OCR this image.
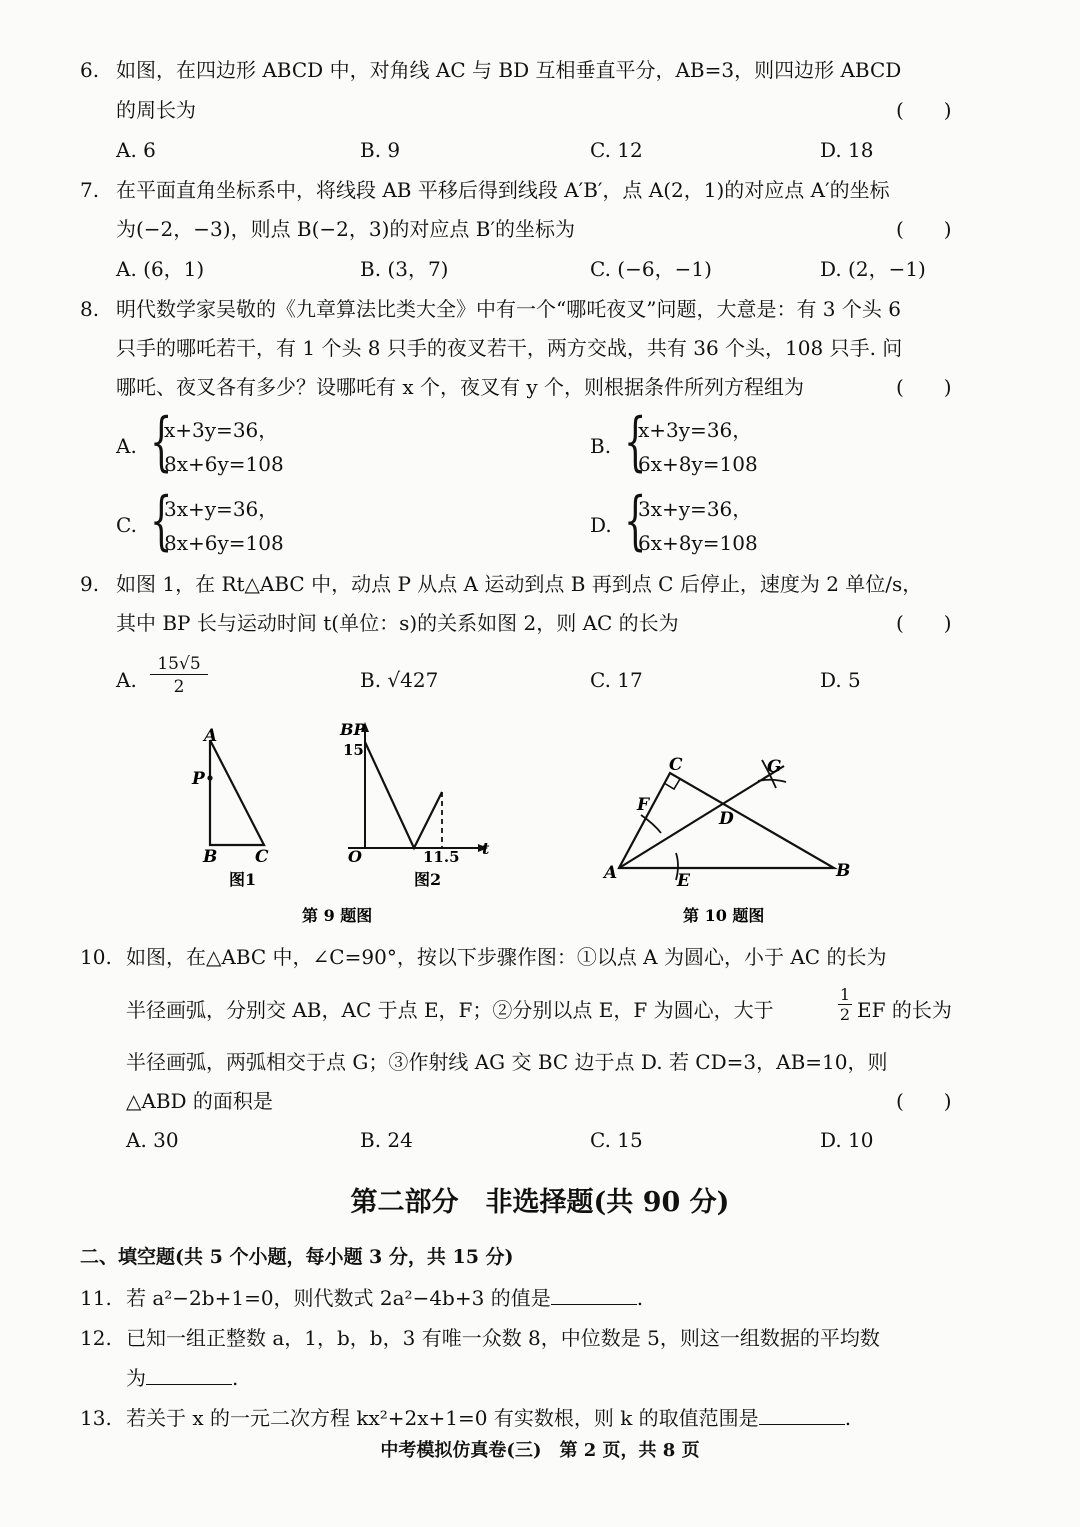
6. 如图，在四边形 ABCD 中，对角线 AC 与 BD 互相垂直平分，AB=3，则四边形 ABCD
的周长为	(　　)
A. 6	B. 9	C. 12	D. 18
7. 在平面直角坐标系中，将线段 AB 平移后得到线段 A′B′，点 A(2，1)的对应点 A′的坐标
为(−2，−3)，则点 B(−2，3)的对应点 B′的坐标为	(　　)
A. (6，1)	B. (3，7)	C. (−6，−1)	D. (2，−1)
8. 明代数学家吴敬的《九章算法比类大全》中有一个“哪吒夜叉”问题，大意是：有 3 个头 6
只手的哪吒若干，有 1 个头 8 只手的夜叉若干，两方交战，共有 36 个头，108 只手. 问
哪吒、夜叉各有多少？设哪吒有 x 个，夜叉有 y 个，则根据条件所列方程组为	(　　)
A. {
x+3y=36，
8x+6y=108
B. {
x+3y=36，
6x+8y=108
C. {
3x+y=36，
8x+6y=108
D. {
3x+y=36，
6x+8y=108
9. 如图 1，在 Rt△ABC 中，动点 P 从点 A 运动到点 B 再到点 C 后停止，速度为 2 单位/s，
其中 BP 长与运动时间 t(单位：s)的关系如图 2，则 AC 的长为	(　　)
A.
15√5
2	B. √427	C. 17	D. 5
A
P
B C
图1
BP
15
O	11.5 t
图2
第 9 题图
A	B
C
D
E
F
G
第 10 题图
10. 如图，在△ABC 中，∠C=90°，按以下步骤作图：①以点 A 为圆心，小于 AC 的长为
半径画弧，分别交 AB，AC 于点 E，F；②分别以点 E，F 为圆心，大于
1
2 EF 的长为
半径画弧，两弧相交于点 G；③作射线 AG 交 BC 边于点 D. 若 CD=3，AB=10，则
△ABD 的面积是	(　　)
A. 30	B. 24	C. 15	D. 10
第二部分　非选择题(共 90 分)
二、填空题(共 5 个小题，每小题 3 分，共 15 分)
11. 若 a²−2b+1=0，则代数式 2a²−4b+3 的值是	.
12. 已知一组正整数 a，1，b，b，3 有唯一众数 8，中位数是 5，则这一组数据的平均数
为	.
13. 若关于 x 的一元二次方程 kx²+2x+1=0 有实数根，则 k 的取值范围是	.
中考模拟仿真卷(三)　第 2 页，共 8 页
